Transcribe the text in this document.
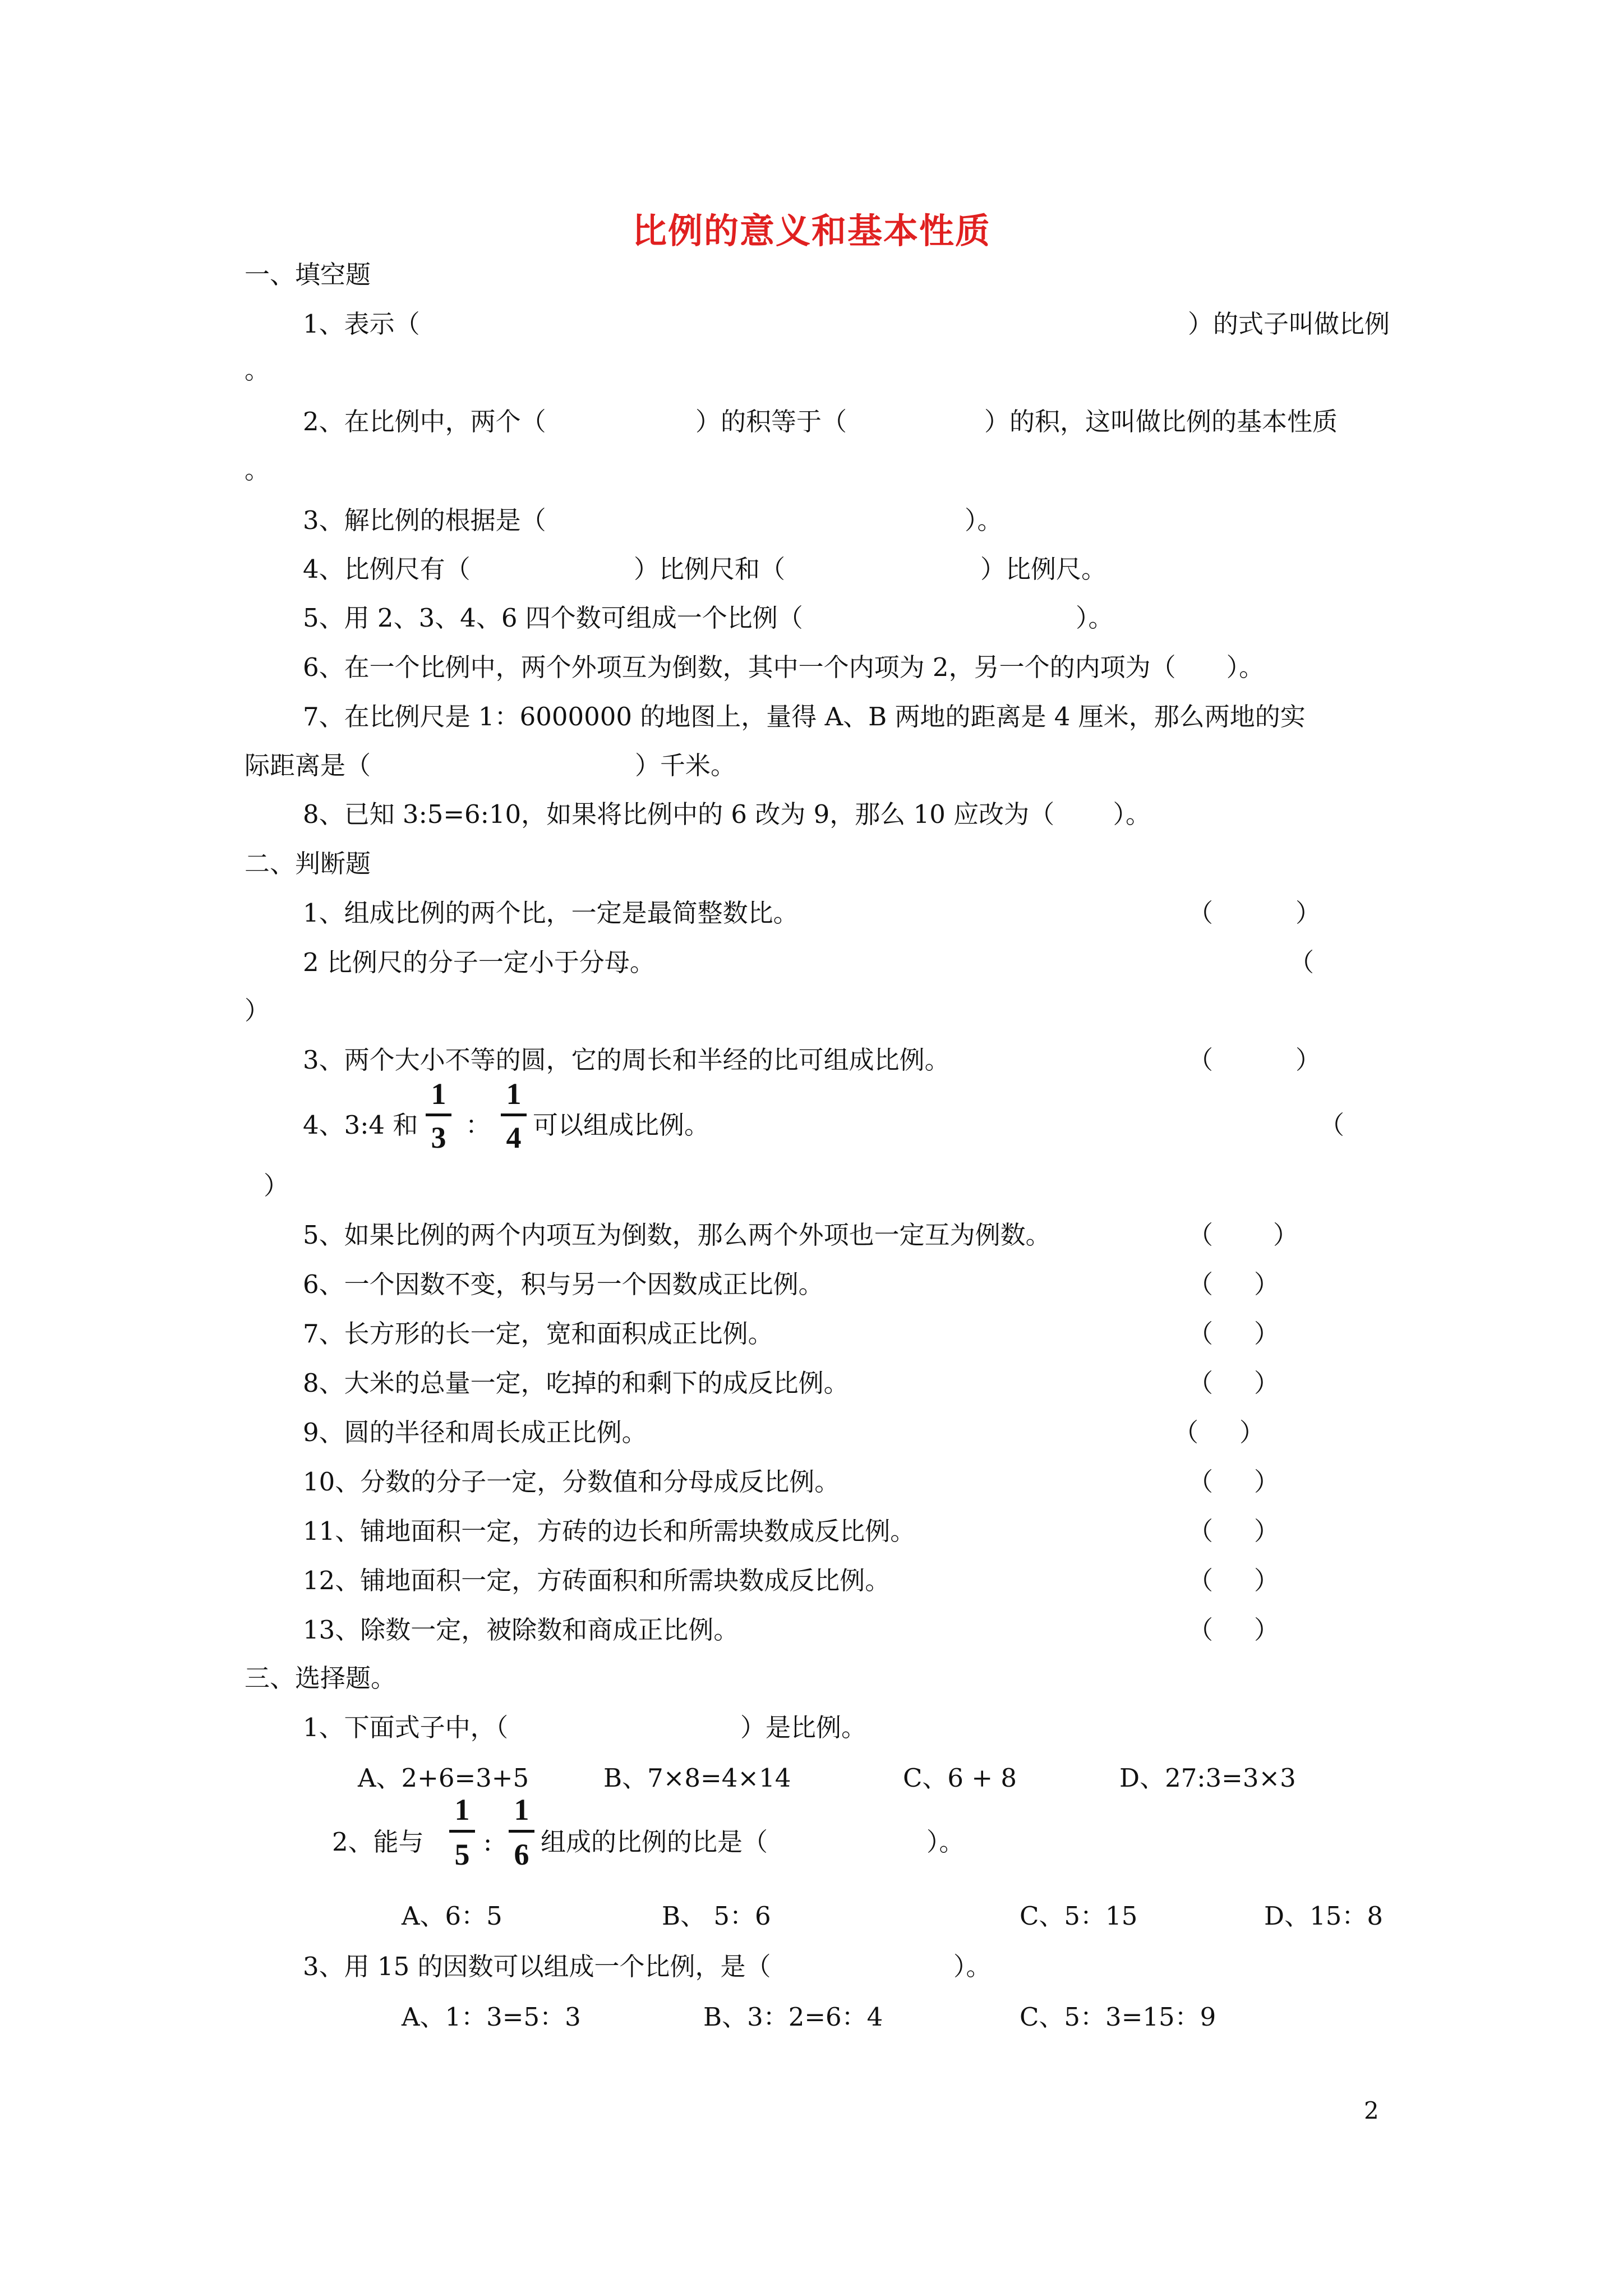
比例的意义和基本性质
一、填空题
1、表示（	）的式子叫做比例
。
2、在比例中，两个（	）的积等于（	）的积，这叫做比例的基本性质
。
3、解比例的根据是（	）。
4、比例尺有（	）比例尺和（	）比例尺。
5、用 2、3、4、6 四个数可组成一个比例（	）。
6、在一个比例中，两个外项互为倒数，其中一个内项为 2，另一个的内项为（　　）。
7、在比例尺是 1：6000000 的地图上，量得 A、B 两地的距离是 4 厘米，那么两地的实
际距离是（	）千米。
8、已知 3:5=6:10，如果将比例中的 6 改为 9，那么 10 应改为（　　 ）。
二、判断题
1、组成比例的两个比，一定是最简整数比。	（	）
2 比例尺的分子一定小于分母。	（
）
3、两个大小不等的圆，它的周长和半经的比可组成比例。	（	）
4、3:4 和
1
3 ：
1
4 可以组成比例。	（
）
5、如果比例的两个内项互为倒数，那么两个外项也一定互为例数。	（ ）
6、一个因数不变，积与另一个因数成正比例。	（ ）
7、长方形的长一定，宽和面积成正比例。	（ ）
8、大米的总量一定，吃掉的和剩下的成反比例。	（ ）
9、圆的半径和周长成正比例。	（ ）
10、分数的分子一定，分数值和分母成反比例。	（ ）
11、铺地面积一定，方砖的边长和所需块数成反比例。	（ ）
12、铺地面积一定，方砖面积和所需块数成反比例。	（ ）
13、除数一定，被除数和商成正比例。	（ ）
三、选择题。
1、下面式子中，（	）是比例。
A、2+6=3+5	B、7×8=4×14	C、6 + 8	D、27:3=3×3
2、能与
1
5 :
1
6 组成的比例的比是（	）。
A、6：5	B、 5：6	C、5：15	D、15：8
3、用 15 的因数可以组成一个比例，是（	）。
A、1：3=5：3	B、3：2=6：4	C、5：3=15：9
2
